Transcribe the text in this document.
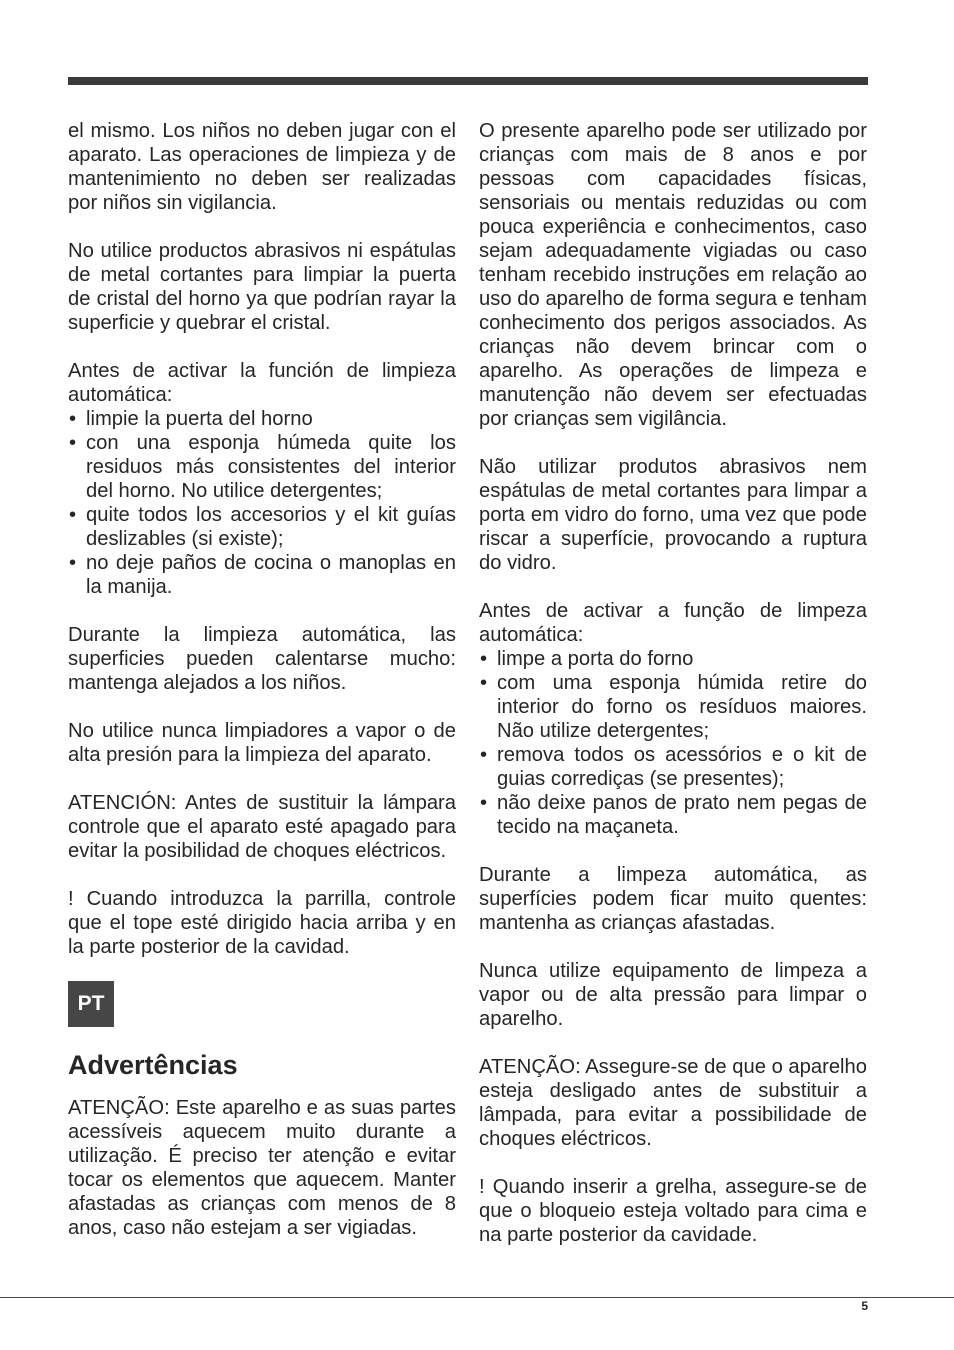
el mismo. Los niños no deben jugar con el aparato. Las operaciones de limpieza y de mantenimiento no deben ser realizadas por niños sin vigilancia.

No utilice productos abrasivos ni espátulas de metal cortantes para limpiar la puerta de cristal del horno ya que podrían rayar la superficie y quebrar el cristal.

Antes de activar la función de limpieza automática:

• limpie la puerta del horno
• con una esponja húmeda quite los residuos más consistentes del interior del horno. No utilice detergentes;
• quite todos los accesorios y el kit guías deslizables (si existe);
• no deje paños de cocina o manoplas en la manija.

Durante la limpieza automática, las superficies pueden calentarse mucho: mantenga alejados a los niños.

No utilice nunca limpiadores a vapor o de alta presión para la limpieza del aparato.

ATENCIÓN: Antes de sustituir la lámpara controle que el aparato esté apagado para evitar la posibilidad de choques eléctricos.

! Cuando introduzca la parrilla, controle que el tope esté dirigido hacia arriba y en la parte posterior de la cavidad.

PT
Advertências

ATENÇÃO: Este aparelho e as suas partes acessíveis aquecem muito durante a utilização. É preciso ter atenção e evitar tocar os elementos que aquecem. Manter afastadas as crianças com menos de 8 anos, caso não estejam a ser vigiadas.

O presente aparelho pode ser utilizado por crianças com mais de 8 anos e por pessoas com capacidades físicas, sensoriais ou mentais reduzidas ou com pouca experiência e conhecimentos, caso sejam adequadamente vigiadas ou caso tenham recebido instruções em relação ao uso do aparelho de forma segura e tenham conhecimento dos perigos associados. As crianças não devem brincar com o aparelho. As operações de limpeza e manutenção não devem ser efectuadas por crianças sem vigilância.

Não utilizar produtos abrasivos nem espátulas de metal cortantes para limpar a porta em vidro do forno, uma vez que pode riscar a superfície, provocando a ruptura do vidro.

Antes de activar a função de limpeza automática:

• limpe a porta do forno
• com uma esponja húmida retire do interior do forno os resíduos maiores. Não utilize detergentes;
• remova todos os acessórios e o kit de guias corrediças (se presentes);
• não deixe panos de prato nem pegas de tecido na maçaneta.

Durante a limpeza automática, as superfícies podem ficar muito quentes: mantenha as crianças afastadas.

Nunca utilize equipamento de limpeza a vapor ou de alta pressão para limpar o aparelho.

ATENÇÃO: Assegure-se de que o aparelho esteja desligado antes de substituir a lâmpada, para evitar a possibilidade de choques eléctricos.

! Quando inserir a grelha, assegure-se de que o bloqueio esteja voltado para cima e na parte posterior da cavidade.

5
